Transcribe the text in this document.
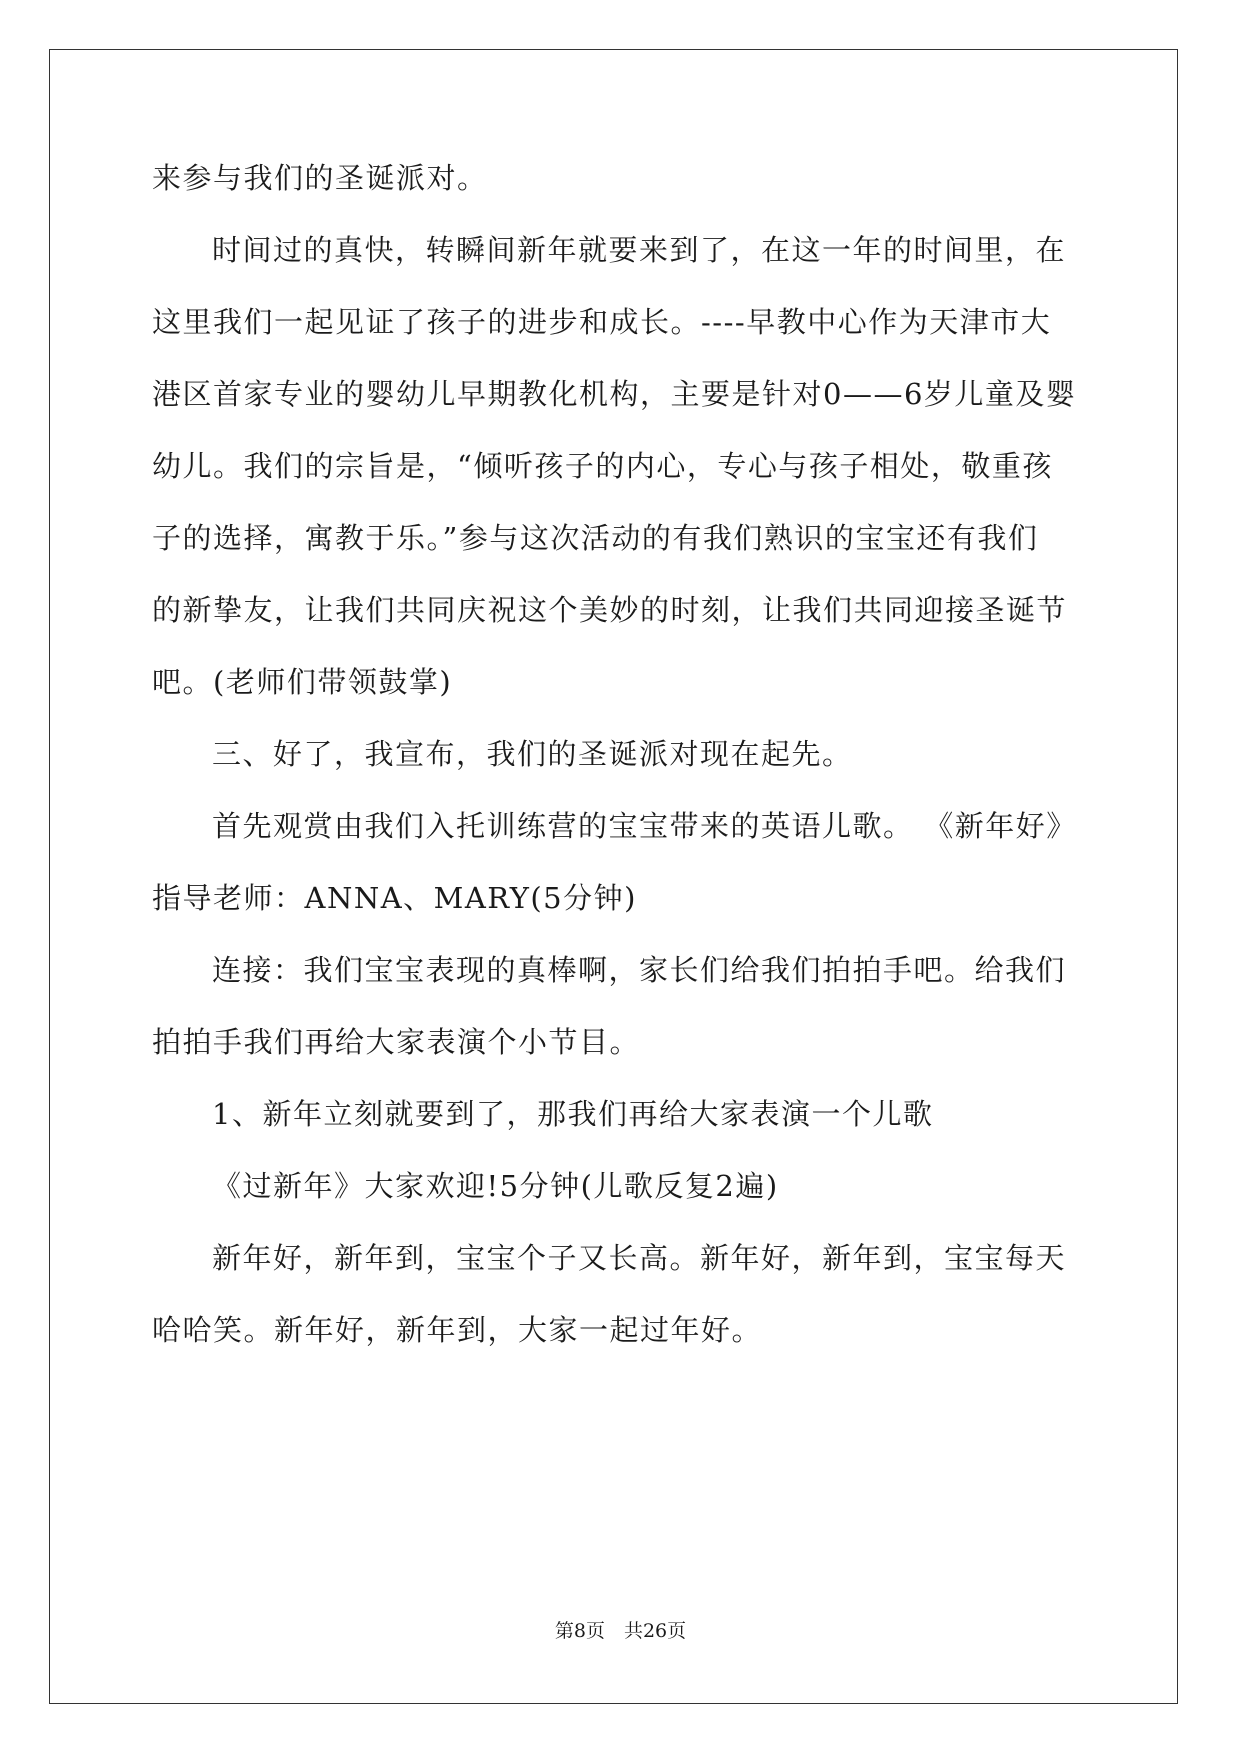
来参与我们的圣诞派对。
时间过的真快，转瞬间新年就要来到了，在这一年的时间里，在
这里我们一起见证了孩子的进步和成长。----早教中心作为天津市大
港区首家专业的婴幼儿早期教化机构，主要是针对0——6岁儿童及婴
幼儿。我们的宗旨是，“倾听孩子的内心，专心与孩子相处，敬重孩
子的选择，寓教于乐。”参与这次活动的有我们熟识的宝宝还有我们
的新挚友，让我们共同庆祝这个美妙的时刻，让我们共同迎接圣诞节
吧。(老师们带领鼓掌)
三、好了，我宣布，我们的圣诞派对现在起先。
首先观赏由我们入托训练营的宝宝带来的英语儿歌。 《新年好》
指导老师：ANNA、MARY(5分钟)
连接：我们宝宝表现的真棒啊，家长们给我们拍拍手吧。给我们
拍拍手我们再给大家表演个小节目。
1、新年立刻就要到了，那我们再给大家表演一个儿歌
《过新年》大家欢迎!5分钟(儿歌反复2遍)
新年好，新年到，宝宝个子又长高。新年好，新年到，宝宝每天
哈哈笑。新年好，新年到，大家一起过年好。
第8页　共26页
